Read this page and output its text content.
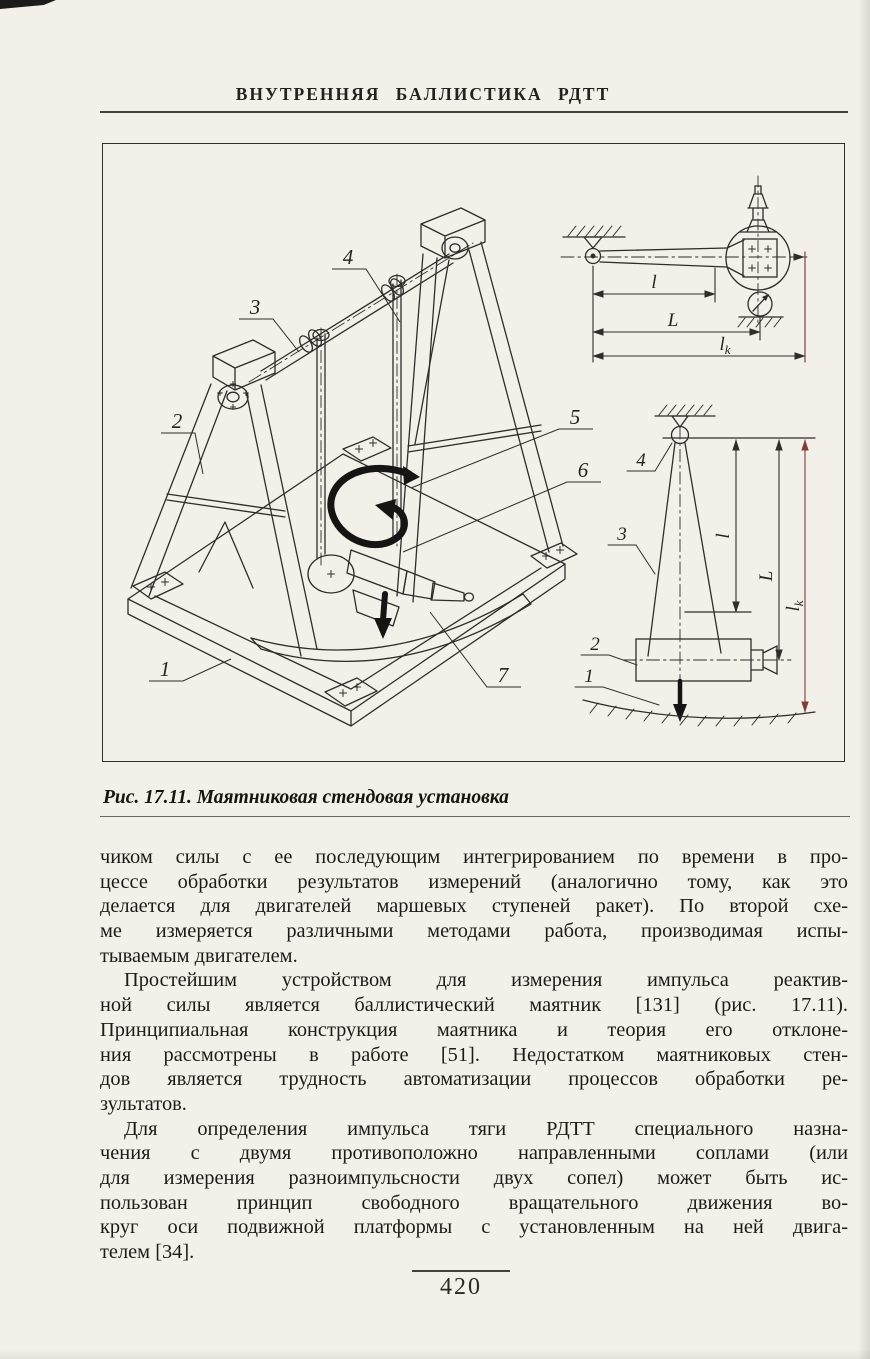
ВНУТРЕННЯЯ БАЛЛИСТИКА РДТТ
1
2
3
4
5
6
7
l
L
$l_k$
l
L
$l_k$
4
3
2
1
Рис. 17.11. Маятниковая стендовая установка
чиком силы с ее последующим интегрированием по времени в про-
цессе обработки результатов измерений (аналогично тому, как это
делается для двигателей маршевых ступеней ракет). По второй схе-
ме измеряется различными методами работа, производимая испы-
тываемым двигателем.
Простейшим устройством для измерения импульса реактив-
ной силы является баллистический маятник [131] (рис. 17.11).
Принципиальная конструкция маятника и теория его отклоне-
ния рассмотрены в работе [51]. Недостатком маятниковых стен-
дов является трудность автоматизации процессов обработки ре-
зультатов.
Для определения импульса тяги РДТТ специального назна-
чения с двумя противоположно направленными соплами (или
для измерения разноимпульсности двух сопел) может быть ис-
пользован принцип свободного вращательного движения во-
круг оси подвижной платформы с установленным на ней двига-
телем [34].
420
